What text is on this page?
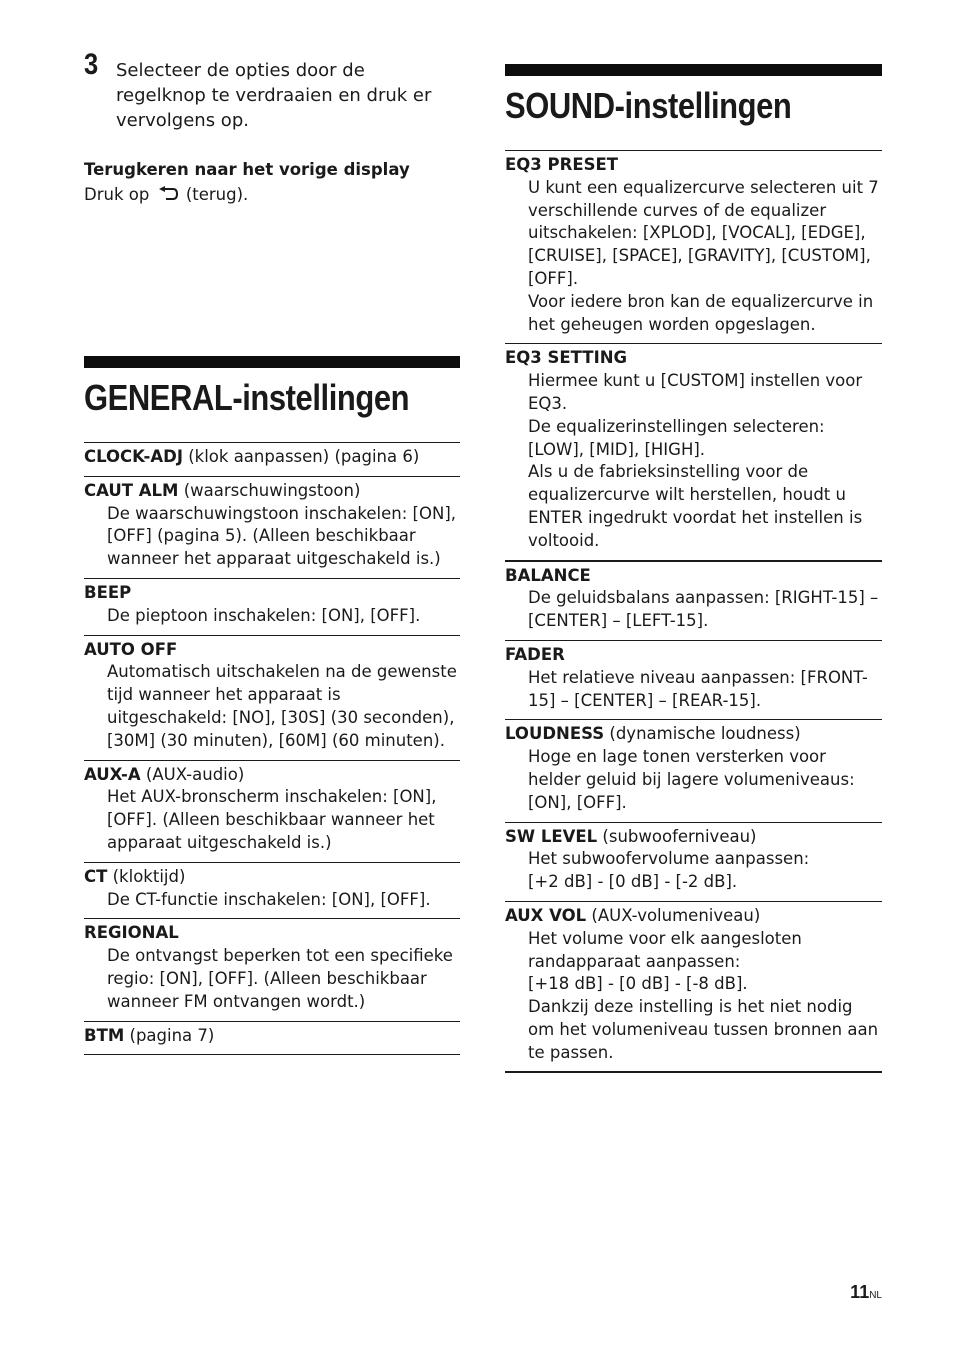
3 Selecteer de opties door de regelknop te verdraaien en druk er vervolgens op.
Terugkeren naar het vorige display
Druk op (terug).
GENERAL-instellingen
CLOCK-ADJ (klok aanpassen) (pagina 6)
CAUT ALM (waarschuwingstoon)
De waarschuwingstoon inschakelen: [ON], [OFF] (pagina 5). (Alleen beschikbaar wanneer het apparaat uitgeschakeld is.)
BEEP
De pieptoon inschakelen: [ON], [OFF].
AUTO OFF
Automatisch uitschakelen na de gewenste tijd wanneer het apparaat is uitgeschakeld: [NO], [30S] (30 seconden), [30M] (30 minuten), [60M] (60 minuten).
AUX-A (AUX-audio)
Het AUX-bronscherm inschakelen: [ON], [OFF]. (Alleen beschikbaar wanneer het apparaat uitgeschakeld is.)
CT (kloktijd)
De CT-functie inschakelen: [ON], [OFF].
REGIONAL
De ontvangst beperken tot een specifieke regio: [ON], [OFF]. (Alleen beschikbaar wanneer FM ontvangen wordt.)
BTM (pagina 7)
SOUND-instellingen
EQ3 PRESET
U kunt een equalizercurve selecteren uit 7 verschillende curves of de equalizer uitschakelen: [XPLOD], [VOCAL], [EDGE], [CRUISE], [SPACE], [GRAVITY], [CUSTOM], [OFF].
Voor iedere bron kan de equalizercurve in het geheugen worden opgeslagen.
EQ3 SETTING
Hiermee kunt u [CUSTOM] instellen voor EQ3.
De equalizerinstellingen selecteren: [LOW], [MID], [HIGH].
Als u de fabrieksinstelling voor de equalizercurve wilt herstellen, houdt u ENTER ingedrukt voordat het instellen is voltooid.
BALANCE
De geluidsbalans aanpassen: [RIGHT-15] – [CENTER] – [LEFT-15].
FADER
Het relatieve niveau aanpassen: [FRONT-15] – [CENTER] – [REAR-15].
LOUDNESS (dynamische loudness)
Hoge en lage tonen versterken voor helder geluid bij lagere volumeniveaus: [ON], [OFF].
SW LEVEL (subwooferniveau)
Het subwoofervolume aanpassen:
[+2 dB] - [0 dB] - [-2 dB].
AUX VOL (AUX-volumeniveau)
Het volume voor elk aangesloten randapparaat aanpassen:
[+18 dB] - [0 dB] - [-8 dB].
Dankzij deze instelling is het niet nodig om het volumeniveau tussen bronnen aan te passen.
11NL
